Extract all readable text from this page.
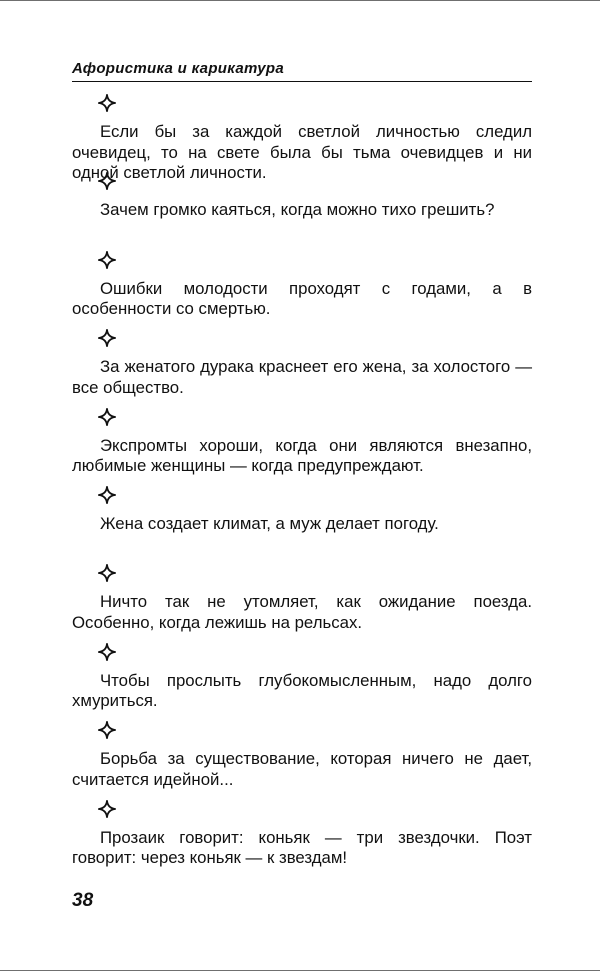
Афористика и карикатура
Если бы за каждой светлой личностью следил очевидец, то на свете была бы тьма очевидцев и ни одной светлой личности.
Зачем громко каяться, когда можно тихо грешить?
Ошибки молодости проходят с годами, а в особенности со смертью.
За женатого дурака краснеет его жена, за холостого — все общество.
Экспромты хороши, когда они являются внезапно, любимые женщины — когда предупреждают.
Жена создает климат, а муж делает погоду.
Ничто так не утомляет, как ожидание поезда. Особенно, когда лежишь на рельсах.
Чтобы прослыть глубокомысленным, надо долго хмуриться.
Борьба за существование, которая ничего не дает, считается идейной...
Прозаик говорит: коньяк — три звездочки. Поэт говорит: через коньяк — к звездам!
38
